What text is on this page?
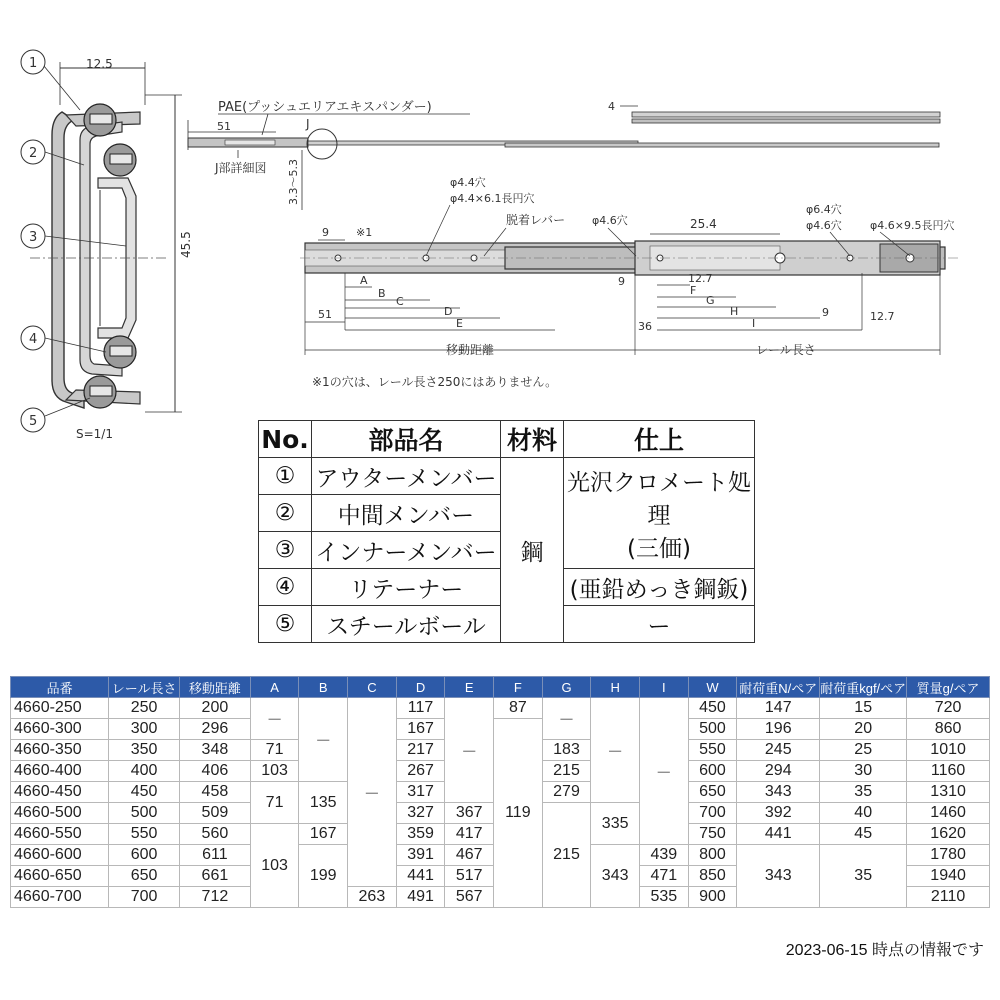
12.5
45.5
1
2
3
4
5
PAE(プッシュエリアエキスパンダー)
51	J
J部詳細図 3.3～5.3
4
φ4.4穴
φ4.4×6.1長円穴
脱着レバー φ4.6穴	25.4
φ6.4穴
φ4.6穴	φ4.6×9.5長円穴
9 ※1
A
B
C
D
E
51
9	12.7
F
G
H
I
36
9	12.7
移動距離	レール長さ
※1の穴は、レール長さ250にはありません。
S=1/1	No.	部品名	材料	仕上
①	アウターメンバー	鋼	光沢クロメート処理
(三価)

②	中間メンバー		
③	インナーメンバー		
④	リテーナー		(亜鉛めっき鋼鈑)
⑤	スチールボール		ー
品番	レール長さ	移動距離	A	B	C	D	E	F	G	H	I	W	耐荷重N/ペア	耐荷重kgf/ペア	質量g/ペア
4660-250	250	200	－	－	－	117	－	87	－	－	－	450	147	15	720
4660-300	300	296				167		119				500	196	20	860
4660-350	350	348	71			217			183			550	245	25	1010
4660-400	400	406	103			267			215			600	294	30	1160
4660-450	450	458	71	135		317			279			650	343	35	1310
4660-500	500	509				327	367		215	335		700	392	40	1460
4660-550	550	560	103	167		359	417					750	441	45	1620
4660-600	600	611		199		391	467			343	439	800	343	35	1780
4660-650	650	661				441	517				471	850			1940
4660-700	700	712			263	491	567				535	900			2110
2023-06-15 時点の情報です
